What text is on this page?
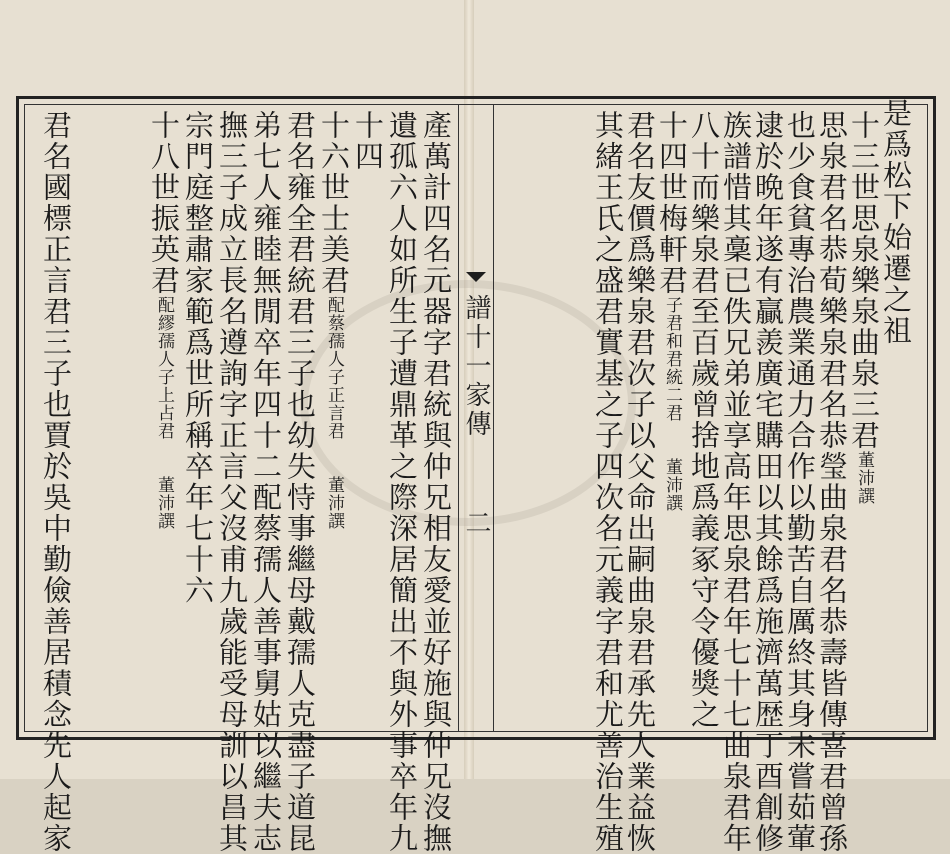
是爲松下始遷之祖
十三世思泉樂泉曲泉三君董沛譔
思泉君名恭荀樂泉君名恭瑩曲泉君名恭壽皆傳喜君曾孫
也少食貧專治農業通力合作以勤苦自厲終其身未嘗茹葷
逮於晩年遂有贏羨廣宅購田以其餘爲施濟萬歴丁酉創修
族譜惜其稾已佚兄弟並享高年思泉君年七十七曲泉君年
八十而樂泉君至百歲曾捨地爲義冢守令優獎之
十四世梅軒君子君和君統二君　　董沛譔
君名友價爲樂泉君次子以父命出嗣曲泉君承先人業益恢
其緒王氏之盛君實基之子四次名元義字君和尤善治生殖
譜十一家傳
二
產萬計四名元器字君統與仲兄相友愛並好施與仲兄沒撫
遺孤六人如所生子遭鼎革之際深居簡出不與外事卒年九
十四
十六世士美君配蔡孺人子正言君　　董沛譔
君名雍全君統君三子也幼失恃事繼母戴孺人克盡子道昆
弟七人雍睦無閒卒年四十二配蔡孺人善事舅姑以繼夫志
撫三子成立長名遵詢字正言父沒甫九歲能受母訓以昌其
宗門庭整肅家範爲世所稱卒年七十六
十八世振英君配繆孺人子上占君　　董沛譔
君名國標正言君三子也賈於吳中勤儉善居積念先人起家
